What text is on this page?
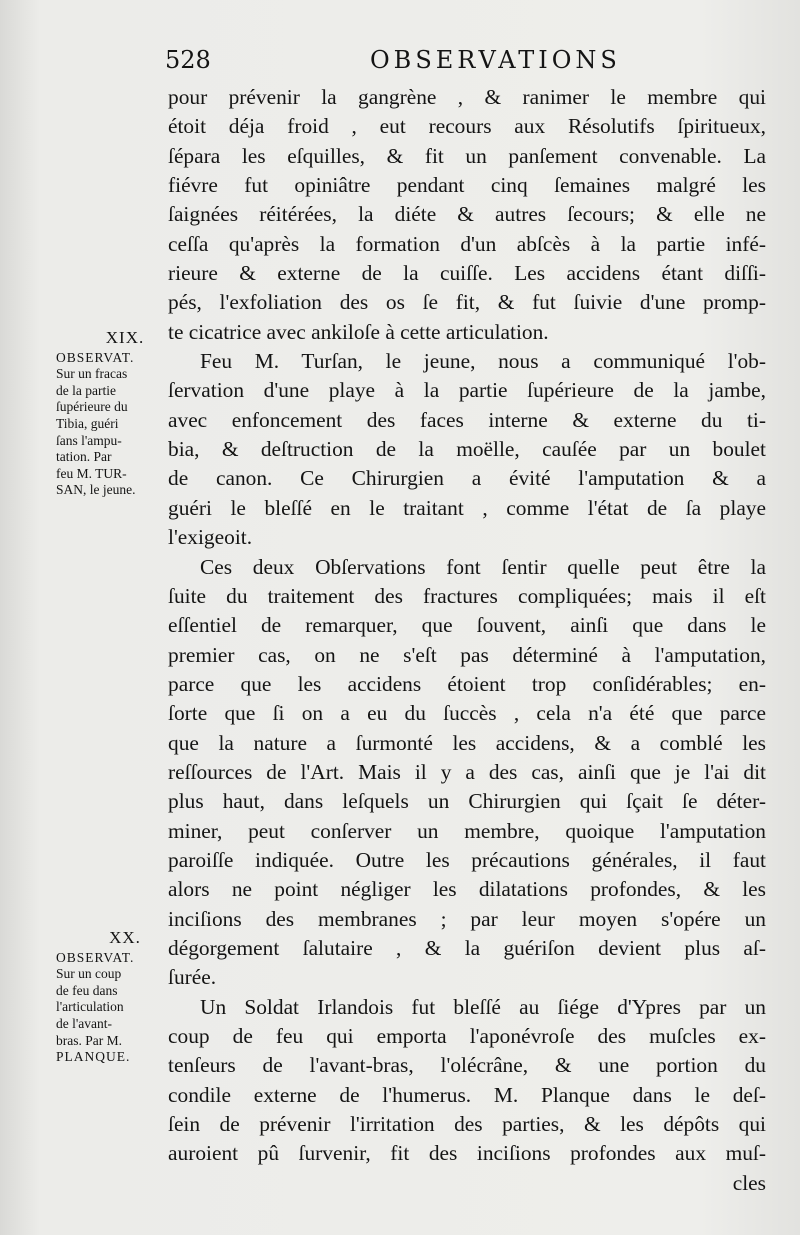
528	OBSERVATIONS
XIX.
OBSERVAT.
Sur un fracas
de la partie
ſupérieure du
Tibia, guéri
ſans l'ampu-
tation. Par
feu M. TUR-
SAN, le jeune.
XX.
OBSERVAT.
Sur un coup
de feu dans
l'articulation
de l'avant-
bras. Par M.
PLANQUE.
pour prévenir la gangrène , & ranimer le membre qui
étoit déja froid , eut recours aux Résolutifs ſpiritueux,
ſépara les eſquilles, & fit un panſement convenable. La
fiévre fut opiniâtre pendant cinq ſemaines malgré les
ſaignées réitérées, la diéte & autres ſecours; & elle ne
ceſſa qu'après la formation d'un abſcès à la partie infé-
rieure & externe de la cuiſſe. Les accidens étant diſſi-
pés, l'exfoliation des os ſe fit, & fut ſuivie d'une promp-
te cicatrice avec ankiloſe à cette articulation.
Feu M. Turſan, le jeune, nous a communiqué l'ob-
ſervation d'une playe à la partie ſupérieure de la jambe,
avec enfoncement des faces interne & externe du ti-
bia, & deſtruction de la moëlle, cauſée par un boulet
de canon. Ce Chirurgien a évité l'amputation & a
guéri le bleſſé en le traitant , comme l'état de ſa playe
l'exigeoit.
Ces deux Obſervations font ſentir quelle peut être la
ſuite du traitement des fractures compliquées; mais il eſt
eſſentiel de remarquer, que ſouvent, ainſi que dans le
premier cas, on ne s'eſt pas déterminé à l'amputation,
parce que les accidens étoient trop conſidérables; en-
ſorte que ſi on a eu du ſuccès , cela n'a été que parce
que la nature a ſurmonté les accidens, & a comblé les
reſſources de l'Art. Mais il y a des cas, ainſi que je l'ai dit
plus haut, dans leſquels un Chirurgien qui ſçait ſe déter-
miner, peut conſerver un membre, quoique l'amputation
paroiſſe indiquée. Outre les précautions générales, il faut
alors ne point négliger les dilatations profondes, & les
inciſions des membranes ; par leur moyen s'opére un
dégorgement ſalutaire , & la guériſon devient plus aſ-
ſurée.
Un Soldat Irlandois fut bleſſé au ſiége d'Ypres par un
coup de feu qui emporta l'aponévroſe des muſcles ex-
tenſeurs de l'avant-bras, l'olécrâne, & une portion du
condile externe de l'humerus. M. Planque dans le deſ-
ſein de prévenir l'irritation des parties, & les dépôts qui
auroient pû ſurvenir, fit des inciſions profondes aux muſ-
cles
